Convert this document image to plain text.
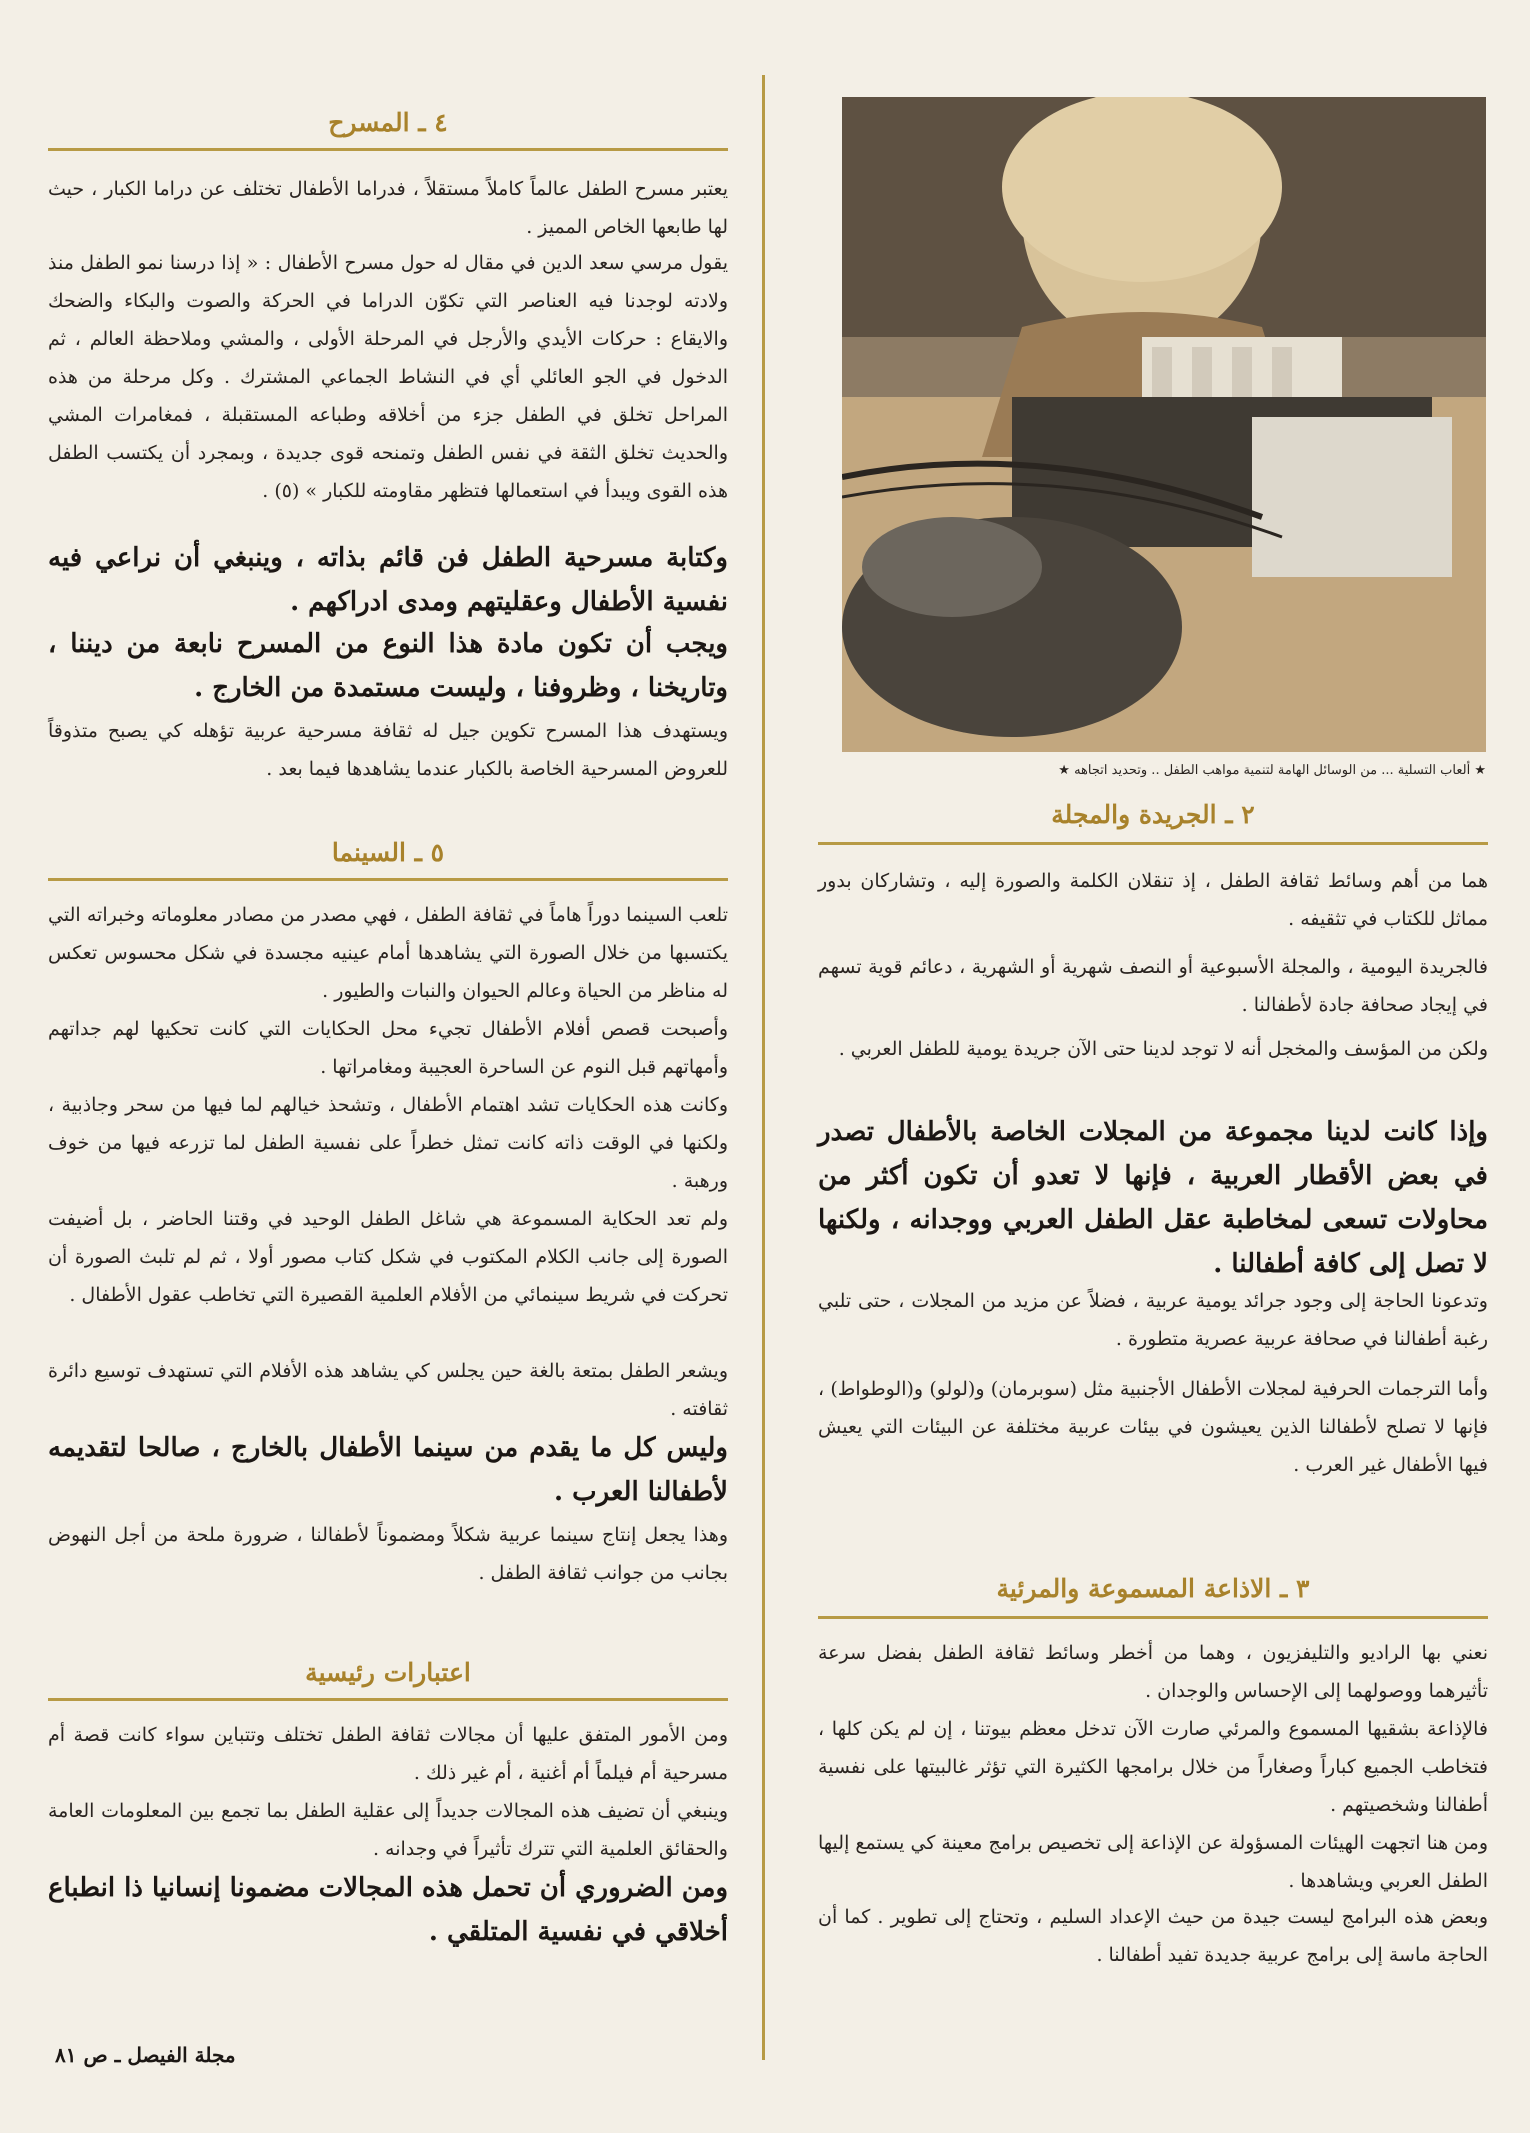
٤ ـ المسرح
يعتبر مسرح الطفل عالماً كاملاً مستقلاً ، فدراما الأطفال تختلف عن دراما الكبار ، حيث لها طابعها الخاص المميز .
يقول مرسي سعد الدين في مقال له حول مسرح الأطفال : « إذا درسنا نمو الطفل منذ ولادته لوجدنا فيه العناصر التي تكوّن الدراما في الحركة والصوت والبكاء والضحك والايقاع : حركات الأيدي والأرجل في المرحلة الأولى ، والمشي وملاحظة العالم ، ثم الدخول في الجو العائلي أي في النشاط الجماعي المشترك . وكل مرحلة من هذه المراحل تخلق في الطفل جزء من أخلاقه وطباعه المستقبلة ، فمغامرات المشي والحديث تخلق الثقة في نفس الطفل وتمنحه قوى جديدة ، وبمجرد أن يكتسب الطفل هذه القوى ويبدأ في استعمالها فتظهر مقاومته للكبار » (٥) .
وكتابة مسرحية الطفل فن قائم بذاته ، وينبغي أن نراعي فيه نفسية الأطفال وعقليتهم ومدى ادراكهم .
ويجب أن تكون مادة هذا النوع من المسرح نابعة من ديننا ، وتاريخنا ، وظروفنا ، وليست مستمدة من الخارج .
ويستهدف هذا المسرح تكوين جيل له ثقافة مسرحية عربية تؤهله كي يصبح متذوقاً للعروض المسرحية الخاصة بالكبار عندما يشاهدها فيما بعد .
٥ ـ السينما
تلعب السينما دوراً هاماً في ثقافة الطفل ، فهي مصدر من مصادر معلوماته وخبراته التي يكتسبها من خلال الصورة التي يشاهدها أمام عينيه مجسدة في شكل محسوس تعكس له مناظر من الحياة وعالم الحيوان والنبات والطيور .
وأصبحت قصص أفلام الأطفال تجيء محل الحكايات التي كانت تحكيها لهم جداتهم وأمهاتهم قبل النوم عن الساحرة العجيبة ومغامراتها .
وكانت هذه الحكايات تشد اهتمام الأطفال ، وتشحذ خيالهم لما فيها من سحر وجاذبية ، ولكنها في الوقت ذاته كانت تمثل خطراً على نفسية الطفل لما تزرعه فيها من خوف ورهبة .
ولم تعد الحكاية المسموعة هي شاغل الطفل الوحيد في وقتنا الحاضر ، بل أضيفت الصورة إلى جانب الكلام المكتوب في شكل كتاب مصور أولا ، ثم لم تلبث الصورة أن تحركت في شريط سينمائي من الأفلام العلمية القصيرة التي تخاطب عقول الأطفال .
ويشعر الطفل بمتعة بالغة حين يجلس كي يشاهد هذه الأفلام التي تستهدف توسيع دائرة ثقافته .
وليس كل ما يقدم من سينما الأطفال بالخارج ، صالحا لتقديمه لأطفالنا العرب .
وهذا يجعل إنتاج سينما عربية شكلاً ومضموناً لأطفالنا ، ضرورة ملحة من أجل النهوض بجانب من جوانب ثقافة الطفل .
اعتبارات رئيسية
ومن الأمور المتفق عليها أن مجالات ثقافة الطفل تختلف وتتباين سواء كانت قصة أم مسرحية أم فيلماً أم أغنية ، أم غير ذلك .
وينبغي أن تضيف هذه المجالات جديداً إلى عقلية الطفل بما تجمع بين المعلومات العامة والحقائق العلمية التي تترك تأثيراً في وجدانه .
ومن الضروري أن تحمل هذه المجالات مضمونا إنسانيا ذا انطباع أخلاقي في نفسية المتلقي .
★ ألعاب التسلية ... من الوسائل الهامة لتنمية مواهب الطفل .. وتحديد اتجاهه ★
٢ ـ الجريدة والمجلة
هما من أهم وسائط ثقافة الطفل ، إذ تنقلان الكلمة والصورة إليه ، وتشاركان بدور مماثل للكتاب في تثقيفه .
فالجريدة اليومية ، والمجلة الأسبوعية أو النصف شهرية أو الشهرية ، دعائم قوية تسهم في إيجاد صحافة جادة لأطفالنا .
ولكن من المؤسف والمخجل أنه لا توجد لدينا حتى الآن جريدة يومية للطفل العربي .
وإذا كانت لدينا مجموعة من المجلات الخاصة بالأطفال تصدر في بعض الأقطار العربية ، فإنها لا تعدو أن تكون أكثر من محاولات تسعى لمخاطبة عقل الطفل العربي ووجدانه ، ولكنها لا تصل إلى كافة أطفالنا .
وتدعونا الحاجة إلى وجود جرائد يومية عربية ، فضلاً عن مزيد من المجلات ، حتى تلبي رغبة أطفالنا في صحافة عربية عصرية متطورة .
وأما الترجمات الحرفية لمجلات الأطفال الأجنبية مثل (سوبرمان) و(لولو) و(الوطواط) ، فإنها لا تصلح لأطفالنا الذين يعيشون في بيئات عربية مختلفة عن البيئات التي يعيش فيها الأطفال غير العرب .
٣ ـ الاذاعة المسموعة والمرئية
نعني بها الراديو والتليفزيون ، وهما من أخطر وسائط ثقافة الطفل بفضل سرعة تأثيرهما ووصولهما إلى الإحساس والوجدان .
فالإذاعة بشقيها المسموع والمرئي صارت الآن تدخل معظم بيوتنا ، إن لم يكن كلها ، فتخاطب الجميع كباراً وصغاراً من خلال برامجها الكثيرة التي تؤثر غالبيتها على نفسية أطفالنا وشخصيتهم .
ومن هنا اتجهت الهيئات المسؤولة عن الإذاعة إلى تخصيص برامج معينة كي يستمع إليها الطفل العربي ويشاهدها .
وبعض هذه البرامج ليست جيدة من حيث الإعداد السليم ، وتحتاج إلى تطوير . كما أن الحاجة ماسة إلى برامج عربية جديدة تفيد أطفالنا .
مجلة الفيصل ـ ص ٨١
